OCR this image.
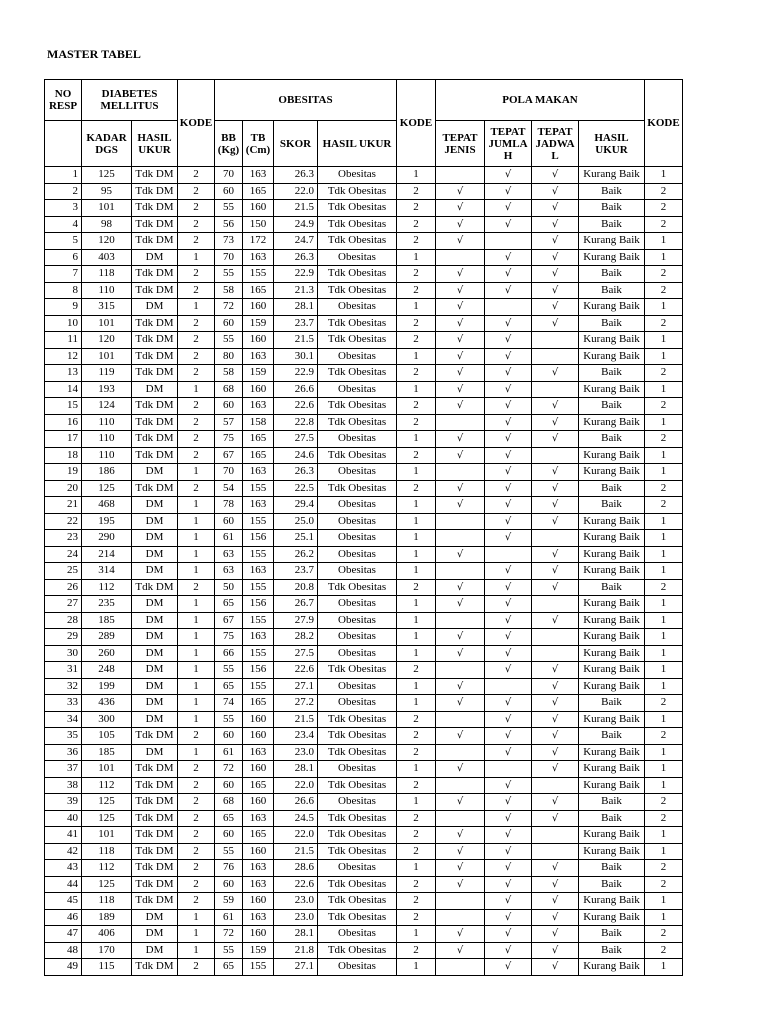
MASTER TABEL
NO RESP	DIABETES MELLITUS		KODE	OBESITAS				KODE	POLA MAKAN				KODE
	KADAR DGS	HASIL UKUR		BB (Kg)	TB (Cm)	SKOR	HASIL UKUR		TEPAT JENIS	TEPAT JUMLA H	TEPAT JADWA L	HASIL UKUR	
1	125	Tdk DM	2	70	163	26.3	Obesitas	1		√	√	Kurang Baik	1
2	95	Tdk DM	2	60	165	22.0	Tdk Obesitas	2	√	√	√	Baik	2
3	101	Tdk DM	2	55	160	21.5	Tdk Obesitas	2	√	√	√	Baik	2
4	98	Tdk DM	2	56	150	24.9	Tdk Obesitas	2	√	√	√	Baik	2
5	120	Tdk DM	2	73	172	24.7	Tdk Obesitas	2	√		√	Kurang Baik	1
6	403	DM	1	70	163	26.3	Obesitas	1		√	√	Kurang Baik	1
7	118	Tdk DM	2	55	155	22.9	Tdk Obesitas	2	√	√	√	Baik	2
8	110	Tdk DM	2	58	165	21.3	Tdk Obesitas	2	√	√	√	Baik	2
9	315	DM	1	72	160	28.1	Obesitas	1	√		√	Kurang Baik	1
10	101	Tdk DM	2	60	159	23.7	Tdk Obesitas	2	√	√	√	Baik	2
11	120	Tdk DM	2	55	160	21.5	Tdk Obesitas	2	√	√		Kurang Baik	1
12	101	Tdk DM	2	80	163	30.1	Obesitas	1	√	√		Kurang Baik	1
13	119	Tdk DM	2	58	159	22.9	Tdk Obesitas	2	√	√	√	Baik	2
14	193	DM	1	68	160	26.6	Obesitas	1	√	√		Kurang Baik	1
15	124	Tdk DM	2	60	163	22.6	Tdk Obesitas	2	√	√	√	Baik	2
16	110	Tdk DM	2	57	158	22.8	Tdk Obesitas	2		√	√	Kurang Baik	1
17	110	Tdk DM	2	75	165	27.5	Obesitas	1	√	√	√	Baik	2
18	110	Tdk DM	2	67	165	24.6	Tdk Obesitas	2	√	√		Kurang Baik	1
19	186	DM	1	70	163	26.3	Obesitas	1		√	√	Kurang Baik	1
20	125	Tdk DM	2	54	155	22.5	Tdk Obesitas	2	√	√	√	Baik	2
21	468	DM	1	78	163	29.4	Obesitas	1	√	√	√	Baik	2
22	195	DM	1	60	155	25.0	Obesitas	1		√	√	Kurang Baik	1
23	290	DM	1	61	156	25.1	Obesitas	1		√		Kurang Baik	1
24	214	DM	1	63	155	26.2	Obesitas	1	√		√	Kurang Baik	1
25	314	DM	1	63	163	23.7	Obesitas	1		√	√	Kurang Baik	1
26	112	Tdk DM	2	50	155	20.8	Tdk Obesitas	2	√	√	√	Baik	2
27	235	DM	1	65	156	26.7	Obesitas	1	√	√		Kurang Baik	1
28	185	DM	1	67	155	27.9	Obesitas	1		√	√	Kurang Baik	1
29	289	DM	1	75	163	28.2	Obesitas	1	√	√		Kurang Baik	1
30	260	DM	1	66	155	27.5	Obesitas	1	√	√		Kurang Baik	1
31	248	DM	1	55	156	22.6	Tdk Obesitas	2		√	√	Kurang Baik	1
32	199	DM	1	65	155	27.1	Obesitas	1	√		√	Kurang Baik	1
33	436	DM	1	74	165	27.2	Obesitas	1	√	√	√	Baik	2
34	300	DM	1	55	160	21.5	Tdk Obesitas	2		√	√	Kurang Baik	1
35	105	Tdk DM	2	60	160	23.4	Tdk Obesitas	2	√	√	√	Baik	2
36	185	DM	1	61	163	23.0	Tdk Obesitas	2		√	√	Kurang Baik	1
37	101	Tdk DM	2	72	160	28.1	Obesitas	1	√		√	Kurang Baik	1
38	112	Tdk DM	2	60	165	22.0	Tdk Obesitas	2		√		Kurang Baik	1
39	125	Tdk DM	2	68	160	26.6	Obesitas	1	√	√	√	Baik	2
40	125	Tdk DM	2	65	163	24.5	Tdk Obesitas	2		√	√	Baik	2
41	101	Tdk DM	2	60	165	22.0	Tdk Obesitas	2	√	√		Kurang Baik	1
42	118	Tdk DM	2	55	160	21.5	Tdk Obesitas	2	√	√		Kurang Baik	1
43	112	Tdk DM	2	76	163	28.6	Obesitas	1	√	√	√	Baik	2
44	125	Tdk DM	2	60	163	22.6	Tdk Obesitas	2	√	√	√	Baik	2
45	118	Tdk DM	2	59	160	23.0	Tdk Obesitas	2		√	√	Kurang Baik	1
46	189	DM	1	61	163	23.0	Tdk Obesitas	2		√	√	Kurang Baik	1
47	406	DM	1	72	160	28.1	Obesitas	1	√	√	√	Baik	2
48	170	DM	1	55	159	21.8	Tdk Obesitas	2	√	√	√	Baik	2
49	115	Tdk DM	2	65	155	27.1	Obesitas	1		√	√	Kurang Baik	1
